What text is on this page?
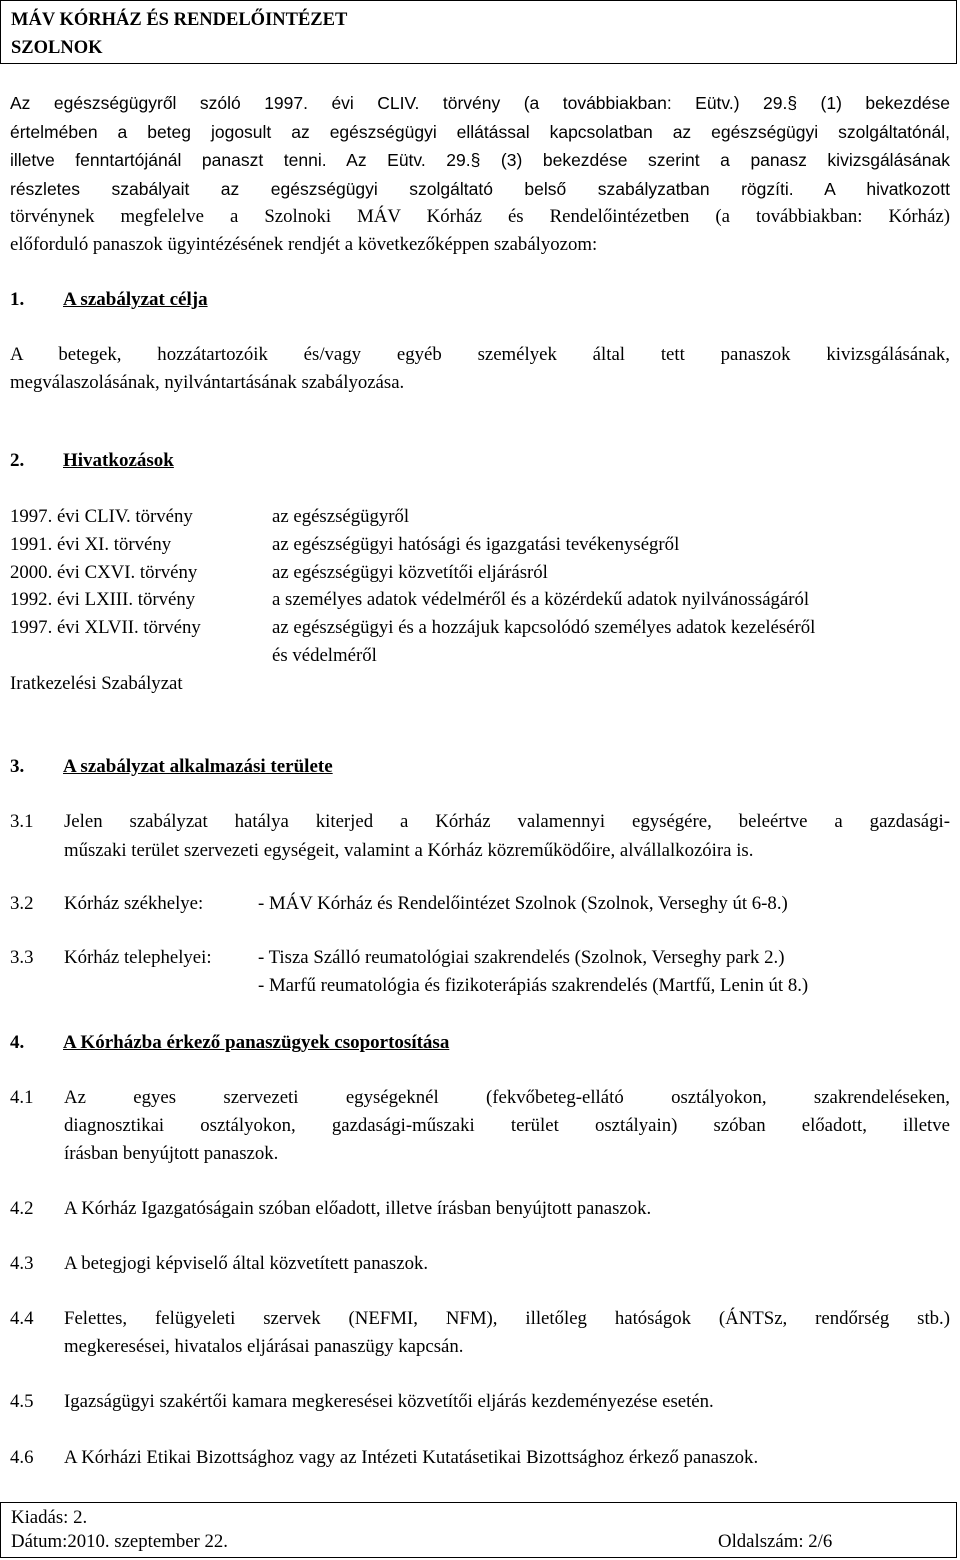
MÁV KÓRHÁZ ÉS RENDELŐINTÉZET
SZOLNOK
Az egészségügyről szóló 1997. évi CLIV. törvény (a továbbiakban: Eütv.) 29.§ (1) bekezdése
értelmében a beteg jogosult az egészségügyi ellátással kapcsolatban az egészségügyi szolgáltatónál,
illetve fenntartójánál panaszt tenni. Az Eütv. 29.§ (3) bekezdése szerint a panasz kivizsgálásának
részletes szabályait az egészségügyi szolgáltató belső szabályzatban rögzíti. A hivatkozott
törvénynek megfelelve a Szolnoki MÁV Kórház és Rendelőintézetben (a továbbiakban: Kórház)
előforduló panaszok ügyintézésének rendjét a következőképpen szabályozom:
1. A szabályzat célja
A betegek, hozzátartozóik és/vagy egyéb személyek által tett panaszok kivizsgálásának,
megválaszolásának, nyilvántartásának szabályozása.
2. Hivatkozások
1997. évi CLIV. törvény	az egészségügyről
1991. évi XI. törvény	az egészségügyi hatósági és igazgatási tevékenységről
2000. évi CXVI. törvény	az egészségügyi közvetítői eljárásról
1992. évi LXIII. törvény	a személyes adatok védelméről és a közérdekű adatok nyilvánosságáról
1997. évi XLVII. törvény	az egészségügyi és a hozzájuk kapcsolódó személyes adatok kezeléséről
és védelméről
Iratkezelési Szabályzat
3. A szabályzat alkalmazási területe
3.1 Jelen szabályzat hatálya kiterjed a Kórház valamennyi egységére, beleértve a gazdasági-
műszaki terület szervezeti egységeit, valamint a Kórház közreműködőire, alvállalkozóira is.
3.2 Kórház székhelye:	- MÁV Kórház és Rendelőintézet Szolnok (Szolnok, Verseghy út 6-8.)
3.3 Kórház telephelyei: - Tisza Szálló reumatológiai szakrendelés (Szolnok, Verseghy park 2.)
- Marfű reumatológia és fizikoterápiás szakrendelés (Martfű, Lenin út 8.)
4. A Kórházba érkező panaszügyek csoportosítása
4.1 Az egyes szervezeti egységeknél (fekvőbeteg-ellátó osztályokon, szakrendeléseken,
diagnosztikai osztályokon, gazdasági-műszaki terület osztályain) szóban előadott, illetve
írásban benyújtott panaszok.
4.2 A Kórház Igazgatóságain szóban előadott, illetve írásban benyújtott panaszok.
4.3 A betegjogi képviselő által közvetített panaszok.
4.4 Felettes, felügyeleti szervek (NEFMI, NFM), illetőleg hatóságok (ÁNTSz, rendőrség stb.)
megkeresései, hivatalos eljárásai panaszügy kapcsán.
4.5 Igazságügyi szakértői kamara megkeresései közvetítői eljárás kezdeményezése esetén.
4.6 A Kórházi Etikai Bizottsághoz vagy az Intézeti Kutatásetikai Bizottsághoz érkező panaszok.
Kiadás: 2.
Dátum:2010. szeptember 22.	Oldalszám: 2/6
